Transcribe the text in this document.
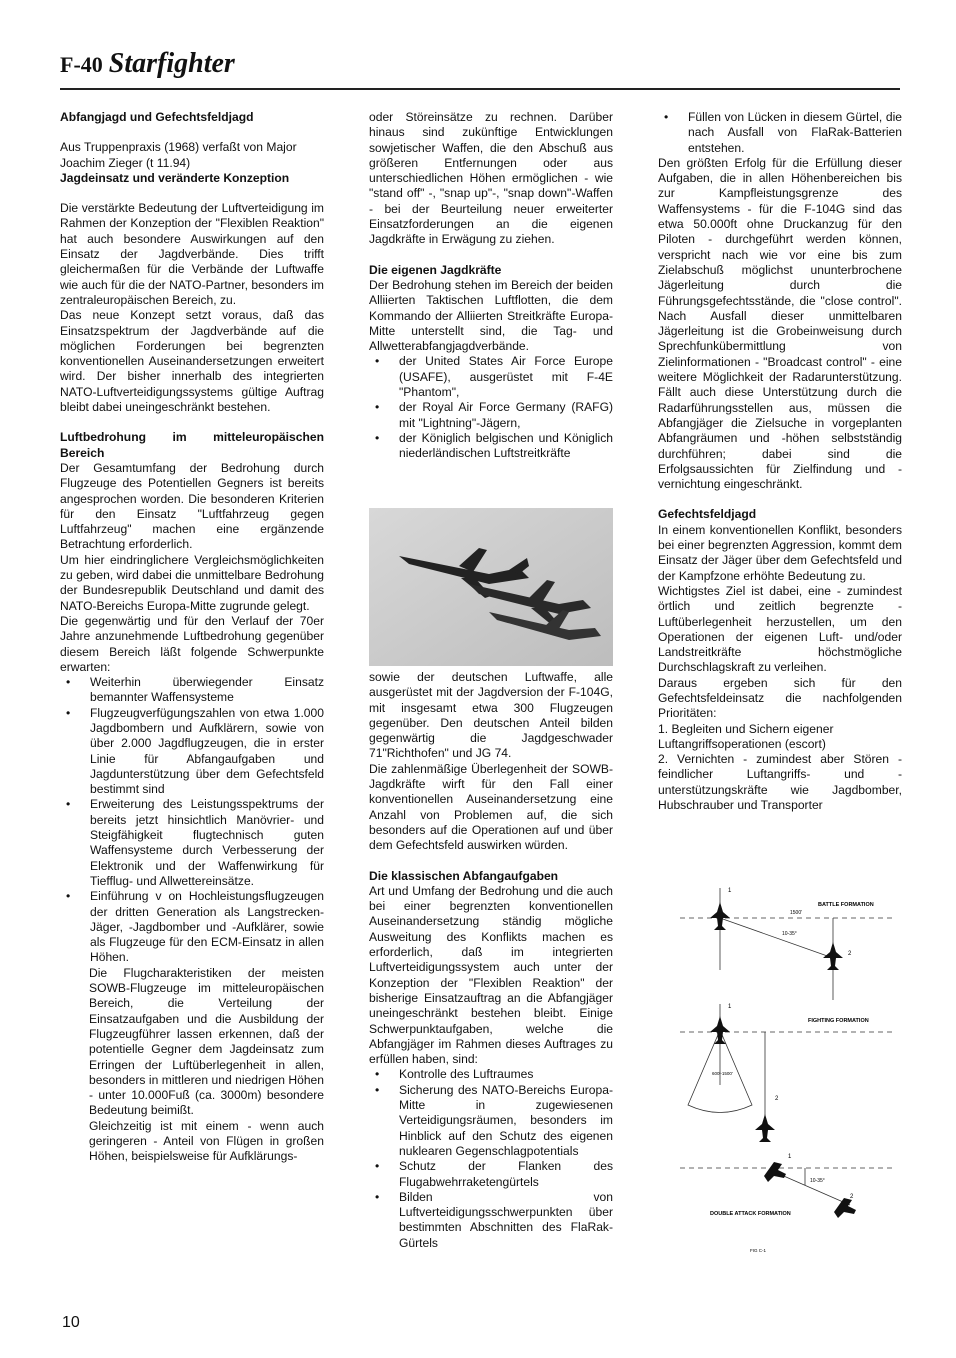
F-40 Starfighter

Abfangjagd und Gefechtsfeldjagd

Aus Truppenpraxis (1968) verfaßt von Major Joachim Zieger (t 11.94)

Jagdeinsatz und veränderte Konzeption

Die verstärkte Bedeutung der Luftverteidigung im Rahmen der Konzeption der "Flexiblen Reaktion" hat auch besondere Auswirkungen auf den Einsatz der Jagdverbände. Dies trifft gleichermaßen für die Verbände der Luftwaffe wie auch für die der NATO-Partner, besonders im zentraleuropäischen Bereich, zu.

Das neue Konzept setzt voraus, daß das Einsatzspektrum der Jagdverbände auf die möglichen Forderungen bei begrenzten konventionellen Auseinandersetzungen erweitert wird. Der bisher innerhalb des integrierten NATO-Luftverteidigungssystems gültige Auftrag bleibt dabei uneingeschränkt bestehen.

Luftbedrohung im mitteleuropäischen Bereich

Der Gesamtumfang der Bedrohung durch Flugzeuge des Potentiellen Gegners ist bereits angesprochen worden. Die besonderen Kriterien für den Einsatz "Luftfahrzeug gegen Luftfahrzeug" machen eine ergänzende Betrachtung erforderlich.

Um hier eindringlichere Vergleichsmöglichkeiten zu geben, wird dabei die unmittelbare Bedrohung der Bundesrepublik Deutschland und damit des NATO-Bereichs Europa-Mitte zugrunde gelegt.

Die gegenwärtig und für den Verlauf der 70er Jahre anzunehmende Luftbedrohung gegenüber diesem Bereich läßt folgende Schwerpunkte erwarten:

• Weiterhin überwiegender Einsatz bemannter Waffensysteme
• Flugzeugverfügungszahlen von etwa 1.000 Jagdbombern und Aufklärern, sowie von über 2.000 Jagdflugzeugen, die in erster Linie für Abfangaufgaben und Jagdunterstützung über dem Gefechtsfeld bestimmt sind
• Erweiterung des Leistungsspektrums der bereits jetzt hinsichtlich Manövrier- und Steigfähigkeit flugtechnisch guten Waffensysteme durch Verbesserung der Elektronik und der Waffenwirkung für Tiefflug- und Allwettereinsätze.
• Einführung v on Hochleistungsflugzeugen der dritten Generation als Langstrecken-Jäger, -Jagdbomber und -Aufklärer, sowie als Flugzeuge für den ECM-Einsatz in allen Höhen.

Die Flugcharakteristiken der meisten SOWB-Flugzeuge im mitteleuropäischen Bereich, die Verteilung der Einsatzaufgaben und die Ausbildung der Flugzeugführer lassen erkennen, daß der potentielle Gegner dem Jagdeinsatz zum Erringen der Luftüberlegenheit in allen, besonders in mittleren und niedrigen Höhen - unter 10.000Fuß (ca. 3000m) besondere Bedeutung beimißt.

Gleichzeitig ist mit einem - wenn auch geringeren - Anteil von Flügen in großen Höhen, beispielsweise für Aufklärungs-

oder Störeinsätze zu rechnen. Darüber hinaus sind zukünftige Entwicklungen sowjetischer Waffen, die den Abschuß aus größeren Entfernungen oder aus unterschiedlichen Höhen ermöglichen - wie "stand off" -, "snap up"-, "snap down"-Waffen - bei der Beurteilung neuer erweiterter Einsatzforderungen an die eigenen Jagdkräfte in Erwägung zu ziehen.

Die eigenen Jagdkräfte

Der Bedrohung stehen im Bereich der beiden Alliierten Taktischen Luftflotten, die dem Kommando der Alliierten Streitkräfte Europa-Mitte unterstellt sind, die Tag- und Allwetterabfangjagdverbände.

• der United States Air Force Europe (USAFE), ausgerüstet mit F-4E "Phantom",
• der Royal Air Force Germany (RAFG) mit "Lightning"-Jägern,
• der Königlich belgischen und Königlich niederländischen Luftstreitkräfte

sowie der deutschen Luftwaffe, alle ausgerüstet mit der Jagdversion der F-104G, mit insgesamt etwa 300 Flugzeugen gegenüber. Den deutschen Anteil bilden gegenwärtig die Jagdgeschwader 71"Richthofen" und JG 74.

Die zahlenmäßige Überlegenheit der SOWB-Jagdkräfte wirft für den Fall einer konventionellen Auseinandersetzung eine Anzahl von Problemen auf, die sich besonders auf die Operationen auf und über dem Gefechtsfeld auswirken würden.

Die klassischen Abfangaufgaben

Art und Umfang der Bedrohung und die auch bei einer begrenzten konventionellen Auseinandersetzung ständig mögliche Ausweitung des Konflikts machen es erforderlich, daß im integrierten Luftverteidigungssystem auch unter der Konzeption der "Flexiblen Reaktion" der bisherige Einsatzauftrag an die Abfangjäger uneingeschränkt bestehen bleibt. Einige Schwerpunktaufgaben, welche die Abfangjäger im Rahmen dieses Auftrages zu erfüllen haben, sind:

• Kontrolle des Luftraumes
• Sicherung des NATO-Bereichs Europa-Mitte in zugewiesenen Verteidigungsräumen, besonders im Hinblick auf den Schutz des eigenen nuklearen Gegenschlagpotentials
• Schutz der Flanken des Flugabwehrraketengürtels
• Bilden von Luftverteidigungsschwerpunkten über bestimmten Abschnitten des FlaRak-Gürtels
• Füllen von Lücken in diesem Gürtel, die nach Ausfall von FlaRak-Batterien entstehen.

Den größten Erfolg für die Erfüllung dieser Aufgaben, die in allen Höhenbereichen bis zur Kampfleistungsgrenze des Waffensystems - für die F-104G sind das etwa 50.000ft ohne Druckanzug für den Piloten - durchgeführt werden können, verspricht nach wie vor eine bis zum Zielabschuß möglichst ununterbrochene Jägerleitung durch die Führungsgefechtsstände, die "close control". Nach Ausfall dieser unmittelbaren Jägerleitung ist die Grobeinweisung durch Sprechfunkübermittlung von Zielinformationen - "Broadcast control" - eine weitere Möglichkeit der Radarunterstützung. Fällt auch diese Unterstützung durch die Radarführungsstellen aus, müssen die Abfangjäger die Zielsuche in vorgeplanten Abfangräumen und -höhen selbstständig durchführen; dabei sind die Erfolgsaussichten für Zielfindung und -vernichtung eingeschränkt.

Gefechtsfeldjagd

In einem konventionellen Konflikt, besonders bei einer begrenzten Aggression, kommt dem Einsatz der Jäger über dem Gefechtsfeld und der Kampfzone erhöhte Bedeutung zu.

Wichtigstes Ziel ist dabei, eine - zumindest örtlich und zeitlich begrenzte - Luftüberlegenheit herzustellen, um den Operationen der eigenen Luft- und/oder Landstreitkräfte höchstmögliche Durchschlagskraft zu verleihen.

Daraus ergeben sich für den Gefechtsfeldeinsatz die nachfolgenden Prioritäten:

1. Begleiten und Sichern eigener Luftangriffsoperationen (escort)

2. Vernichten - zumindest aber Stören - feindlicher Luftangriffs- und -unterstützungskräfte wie Jagdbomber, Hubschrauber und Transporter

BATTLE FORMATION
1
1500'
10-35°
2
FIGHTING FORMATION
1
600'-1500'
2
1
10-35°
2
DOUBLE ATTACK FORMATION
FIG C-1
10
